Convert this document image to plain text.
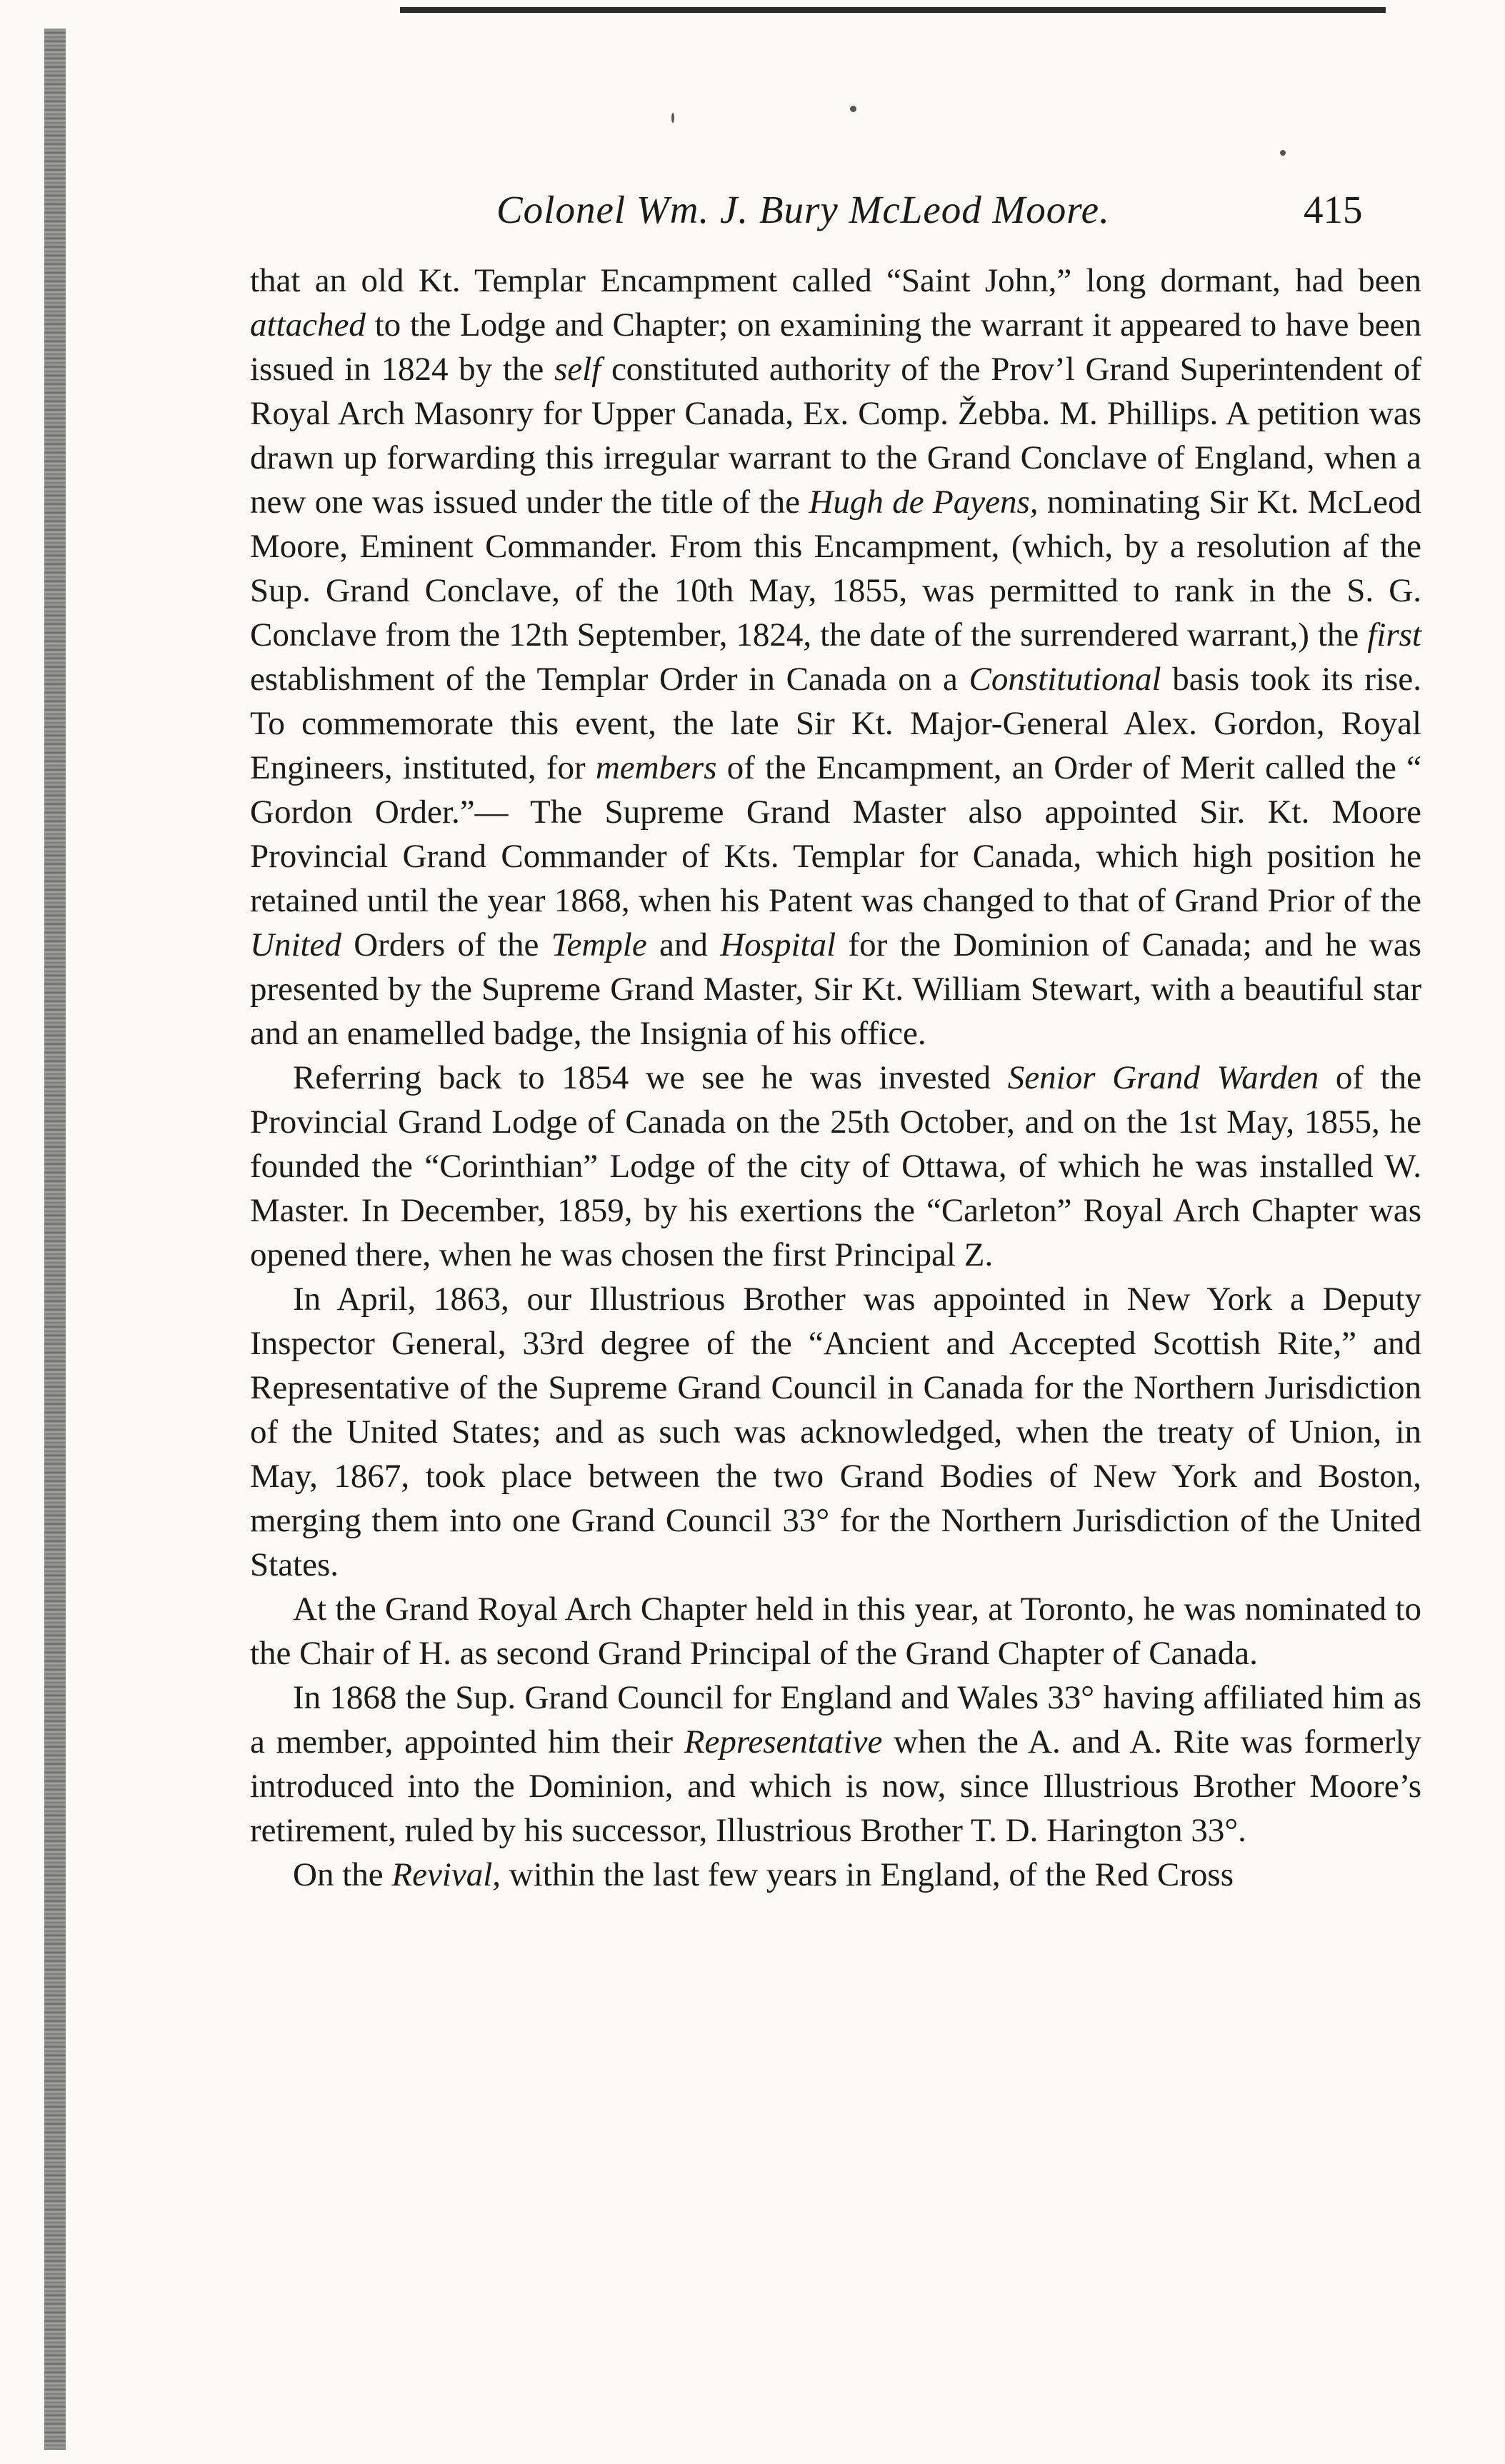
Colonel Wm. J. Bury McLeod Moore.	415

that an old Kt. Templar Encampment called “Saint John,” long dormant, had been attached to the Lodge and Chapter; on examining the warrant it appeared to have been issued in 1824 by the self constituted authority of the Prov’l Grand Superintendent of Royal Arch Masonry for Upper Canada, Ex. Comp. Žebba. M. Phillips. A petition was drawn up forwarding this irregular warrant to the Grand Conclave of England, when a new one was issued under the title of the Hugh de Payens, nominating Sir Kt. McLeod Moore, Eminent Commander. From this Encampment, (which, by a resolution af the Sup. Grand Conclave, of the 10th May, 1855, was permitted to rank in the S. G. Conclave from the 12th September, 1824, the date of the surrendered warrant,) the first establishment of the Templar Order in Canada on a Constitutional basis took its rise. To commemorate this event, the late Sir Kt. Major-General Alex. Gordon, Royal Engineers, instituted, for members of the Encampment, an Order of Merit called the “ Gordon Order.”— The Supreme Grand Master also appointed Sir. Kt. Moore Provincial Grand Commander of Kts. Templar for Canada, which high position he retained until the year 1868, when his Patent was changed to that of Grand Prior of the United Orders of the Temple and Hospital for the Dominion of Canada; and he was presented by the Supreme Grand Master, Sir Kt. William Stewart, with a beautiful star and an enamelled badge, the Insignia of his office.

Referring back to 1854 we see he was invested Senior Grand Warden of the Provincial Grand Lodge of Canada on the 25th October, and on the 1st May, 1855, he founded the “Corinthian” Lodge of the city of Ottawa, of which he was installed W. Master. In December, 1859, by his exertions the “Carleton” Royal Arch Chapter was opened there, when he was chosen the first Principal Z.

In April, 1863, our Illustrious Brother was appointed in New York a Deputy Inspector General, 33rd degree of the “Ancient and Accepted Scottish Rite,” and Representative of the Supreme Grand Council in Canada for the Northern Jurisdiction of the United States; and as such was acknowledged, when the treaty of Union, in May, 1867, took place between the two Grand Bodies of New York and Boston, merging them into one Grand Council 33° for the Northern Jurisdiction of the United States.

At the Grand Royal Arch Chapter held in this year, at Toronto, he was nominated to the Chair of H. as second Grand Principal of the Grand Chapter of Canada.

In 1868 the Sup. Grand Council for England and Wales 33° having affiliated him as a member, appointed him their Representative when the A. and A. Rite was formerly introduced into the Dominion, and which is now, since Illustrious Brother Moore’s retirement, ruled by his successor, Illustrious Brother T. D. Harington 33°.

On the Revival, within the last few years in England, of the Red Cross
